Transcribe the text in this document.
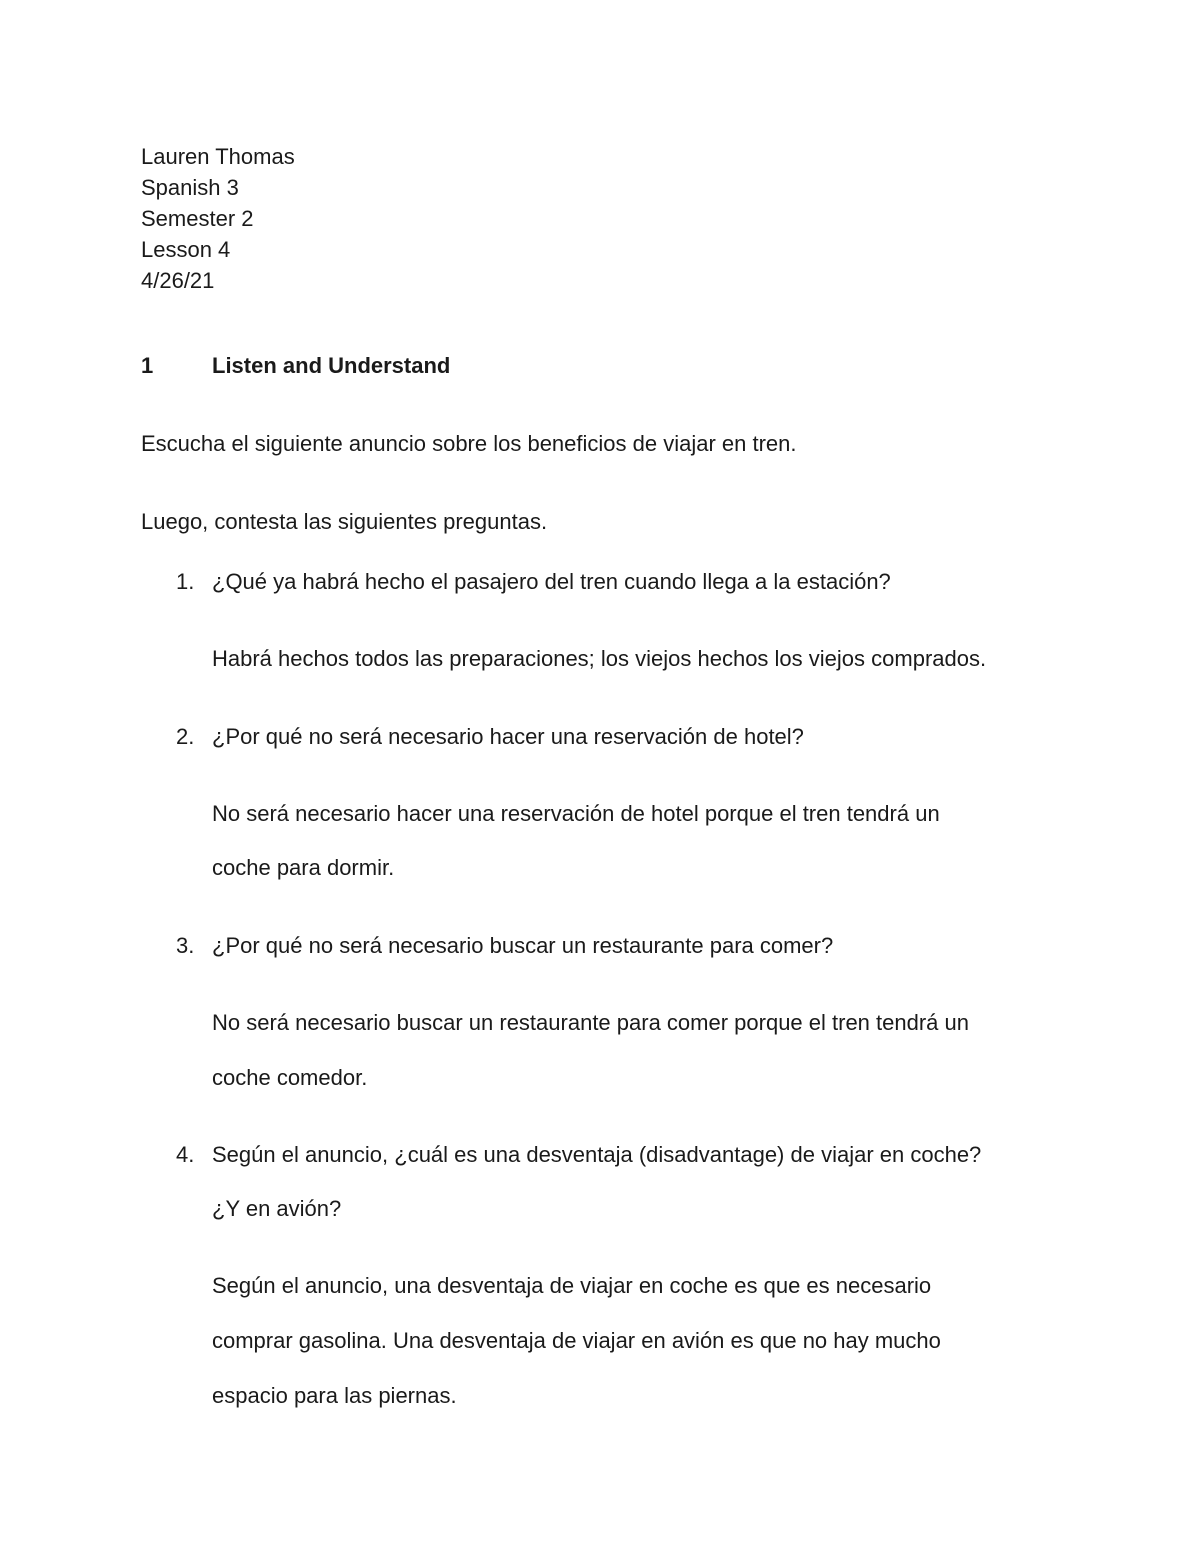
Lauren Thomas
Spanish 3
Semester 2
Lesson 4
4/26/21
1	Listen and Understand
Escucha el siguiente anuncio sobre los beneficios de viajar en tren.
Luego, contesta las siguientes preguntas.
1. ¿Qué ya habrá hecho el pasajero del tren cuando llega a la estación?
Habrá hechos todos las preparaciones; los viejos hechos los viejos comprados.
2. ¿Por qué no será necesario hacer una reservación de hotel?
No será necesario hacer una reservación de hotel porque el tren tendrá un
coche para dormir.
3. ¿Por qué no será necesario buscar un restaurante para comer?
No será necesario buscar un restaurante para comer porque el tren tendrá un
coche comedor.
4. Según el anuncio, ¿cuál es una desventaja (disadvantage) de viajar en coche?
¿Y en avión?
Según el anuncio, una desventaja de viajar en coche es que es necesario
comprar gasolina. Una desventaja de viajar en avión es que no hay mucho
espacio para las piernas.
